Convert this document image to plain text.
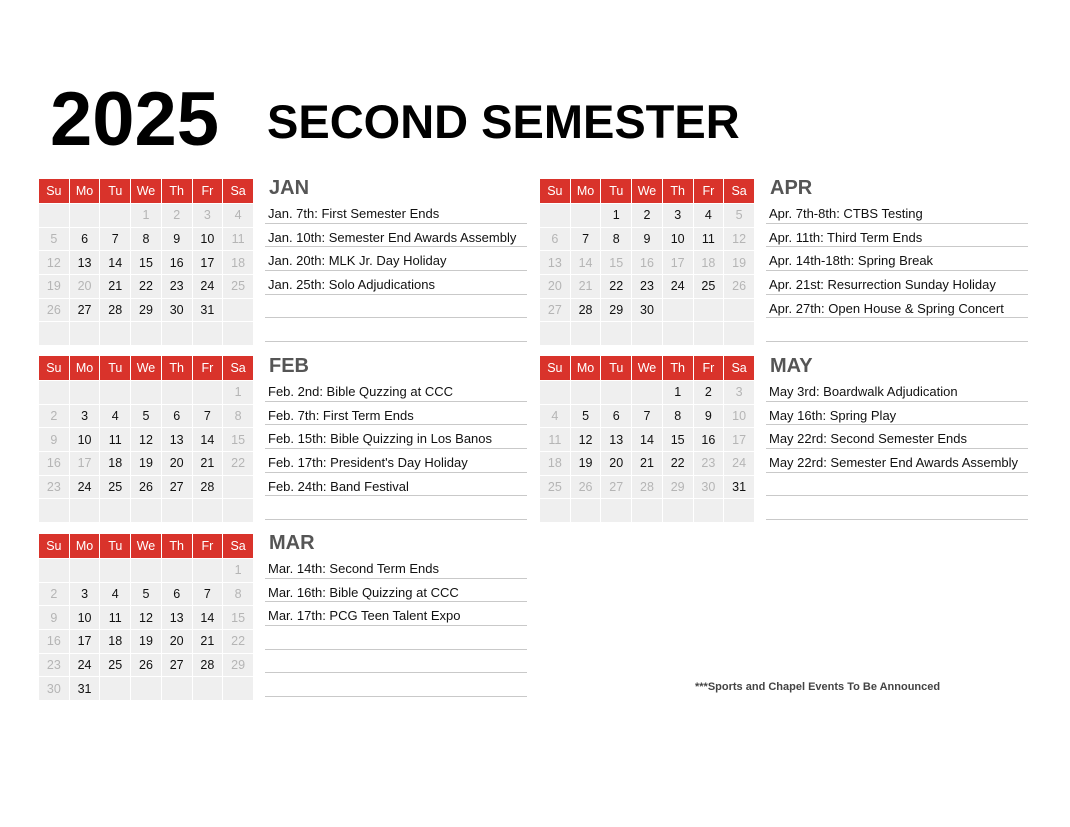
2025 SECOND SEMESTER
Su	Mo	Tu	We	Th	Fr	Sa
			1	2	3	4
5	6	7	8	9	10	11
12	13	14	15	16	17	18
19	20	21	22	23	24	25
26	27	28	29	30	31	

JAN
Jan. 7th: First Semester Ends
Jan. 10th: Semester End Awards Assembly
Jan. 20th: MLK Jr. Day Holiday
Jan. 25th: Solo Adjudications
Su	Mo	Tu	We	Th	Fr	Sa
						1
2	3	4	5	6	7	8
9	10	11	12	13	14	15
16	17	18	19	20	21	22
23	24	25	26	27	28	

FEB
Feb. 2nd: Bible Quzzing at CCC
Feb. 7th: First Term Ends
Feb. 15th: Bible Quizzing in Los Banos
Feb. 17th: President's Day Holiday
Feb. 24th: Band Festival
Su	Mo	Tu	We	Th	Fr	Sa
						1
2	3	4	5	6	7	8
9	10	11	12	13	14	15
16	17	18	19	20	21	22
23	24	25	26	27	28	29
30	31					
MAR
Mar. 14th: Second Term Ends
Mar. 16th: Bible Quizzing at CCC
Mar. 17th: PCG Teen Talent Expo
Su	Mo	Tu	We	Th	Fr	Sa
		1	2	3	4	5
6	7	8	9	10	11	12
13	14	15	16	17	18	19
20	21	22	23	24	25	26
27	28	29	30			

APR
Apr. 7th-8th: CTBS Testing
Apr. 11th: Third Term Ends
Apr. 14th-18th: Spring Break
Apr. 21st: Resurrection Sunday Holiday
Apr. 27th: Open House & Spring Concert
Su	Mo	Tu	We	Th	Fr	Sa
				1	2	3
4	5	6	7	8	9	10
11	12	13	14	15	16	17
18	19	20	21	22	23	24
25	26	27	28	29	30	31

MAY
May 3rd: Boardwalk Adjudication
May 16th: Spring Play
May 22rd: Second Semester Ends
May 22rd: Semester End Awards Assembly
***Sports and Chapel Events To Be Announced
